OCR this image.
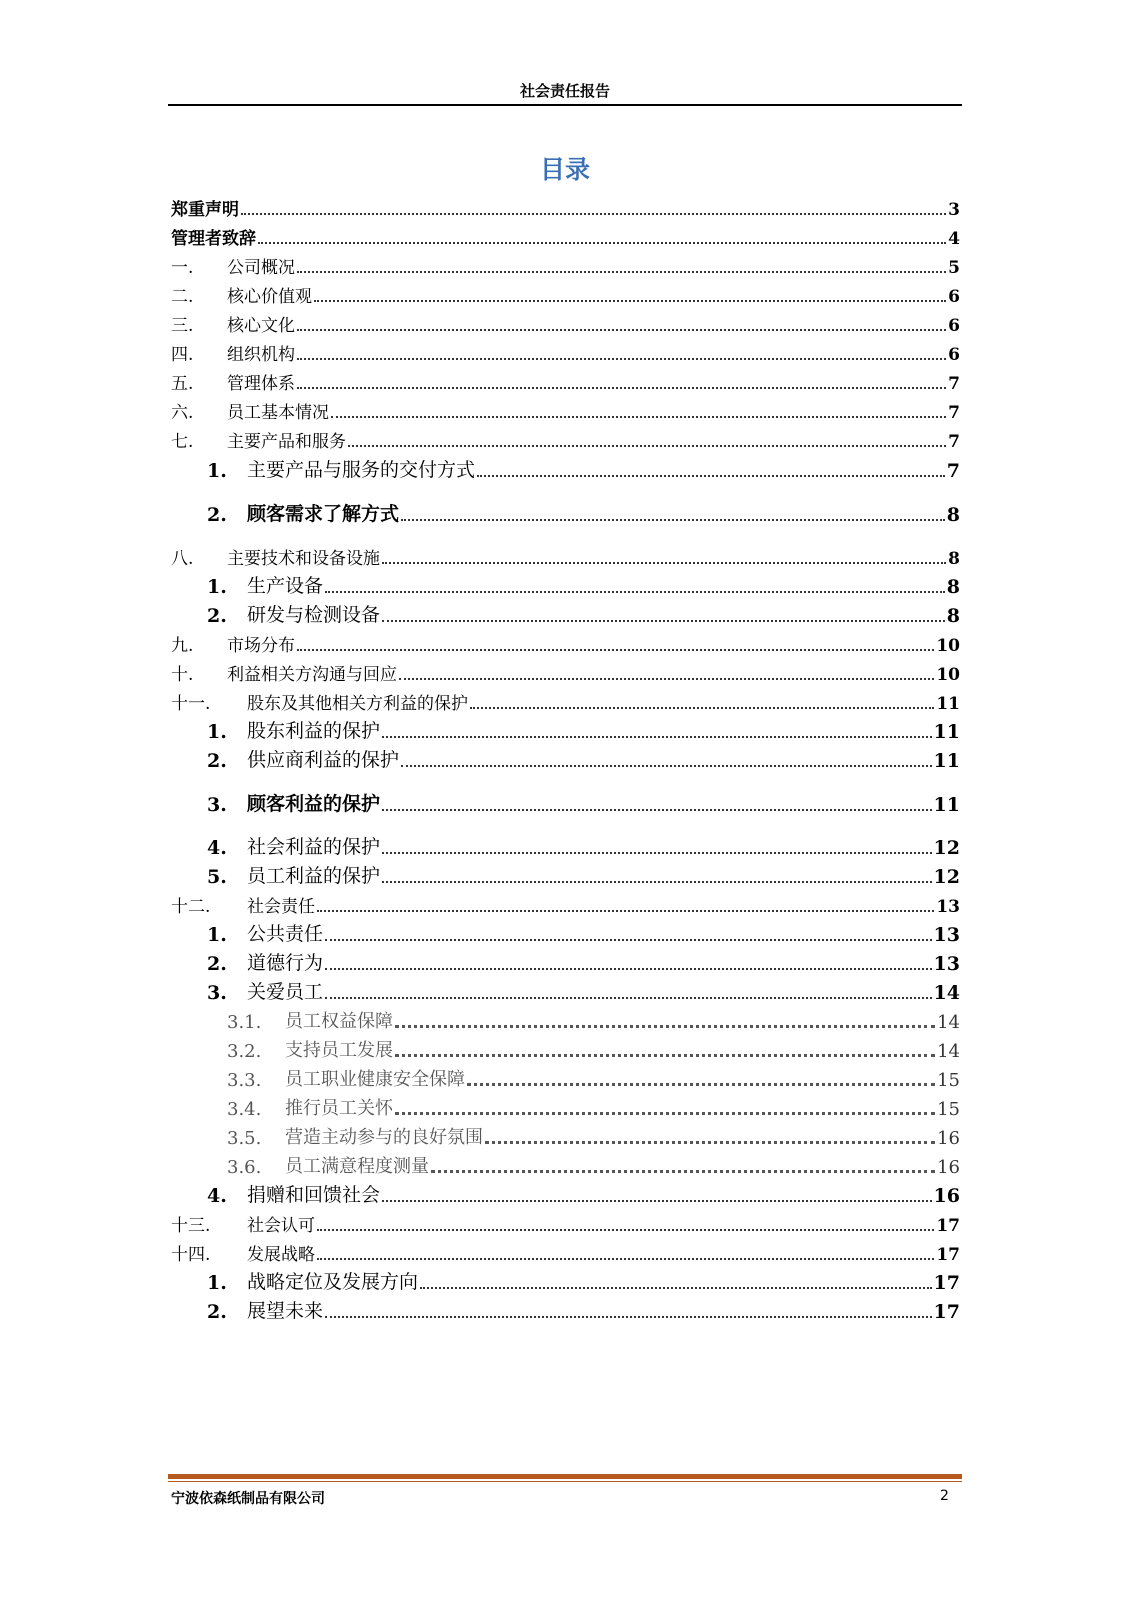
社会责任报告
目录
郑重声明	3
管理者致辞	4
一.	公司概况	5
二.	核心价值观	6
三.	核心文化	6
四.	组织机构	6
五.	管理体系	7
六.	员工基本情况	7
七.	主要产品和服务	7
1.	主要产品与服务的交付方式	7
2.	顾客需求了解方式	8
八.	主要技术和设备设施	8
1.	生产设备	8
2.	研发与检测设备	8
九.	市场分布	10
十.	利益相关方沟通与回应	10
十一.	股东及其他相关方利益的保护	11
1.	股东利益的保护	11
2.	供应商利益的保护	11
3.	顾客利益的保护	11
4.	社会利益的保护	12
5.	员工利益的保护	12
十二.	社会责任	13
1.	公共责任	13
2.	道德行为	13
3.	关爱员工	14
3.1.	员工权益保障	14
3.2.	支持员工发展	14
3.3.	员工职业健康安全保障	15
3.4.	推行员工关怀	15
3.5.	营造主动参与的良好氛围	16
3.6.	员工满意程度测量	16
4.	捐赠和回馈社会	16
十三.	社会认可	17
十四.	发展战略	17
1.	战略定位及发展方向	17
2.	展望未来	17
宁波依森纸制品有限公司	2
